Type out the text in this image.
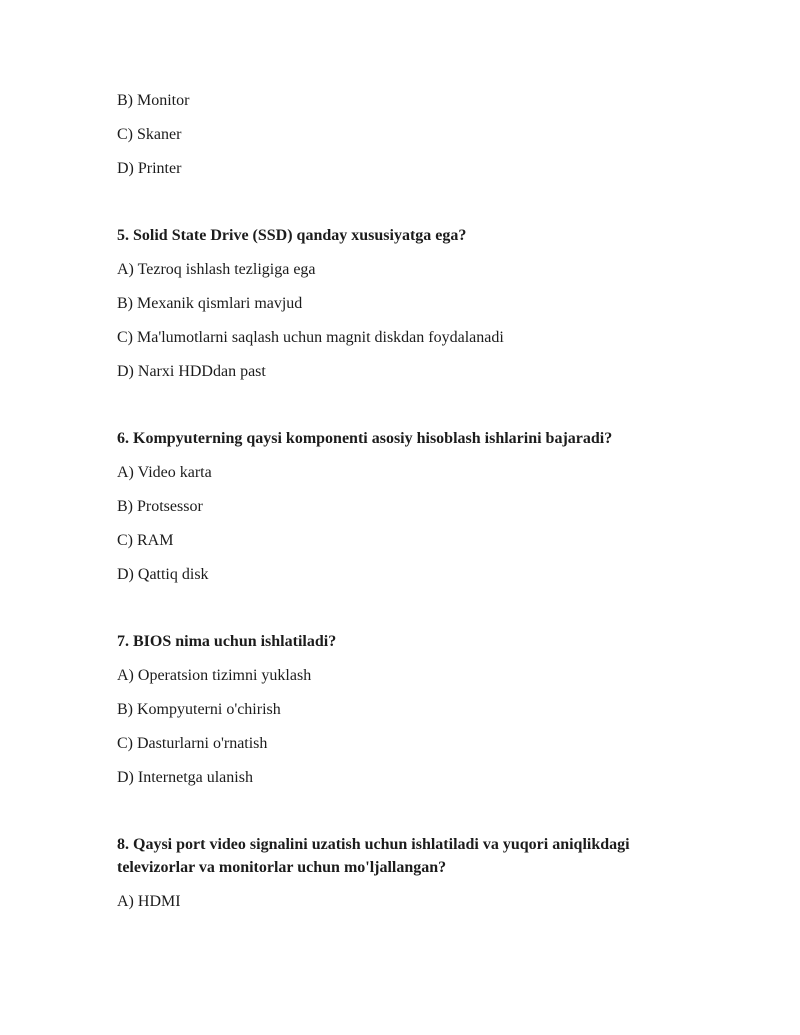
B) Monitor

C) Skaner

D) Printer

5. Solid State Drive (SSD) qanday xususiyatga ega?

A) Tezroq ishlash tezligiga ega

B) Mexanik qismlari mavjud

C) Ma'lumotlarni saqlash uchun magnit diskdan foydalanadi

D) Narxi HDDdan past

6. Kompyuterning qaysi komponenti asosiy hisoblash ishlarini bajaradi?

A) Video karta

B) Protsessor

C) RAM

D) Qattiq disk

7. BIOS nima uchun ishlatiladi?

A) Operatsion tizimni yuklash

B) Kompyuterni o'chirish

C) Dasturlarni o'rnatish

D) Internetga ulanish

8. Qaysi port video signalini uzatish uchun ishlatiladi va yuqori aniqlikdagi televizorlar va monitorlar uchun mo'ljallangan?

A) HDMI
